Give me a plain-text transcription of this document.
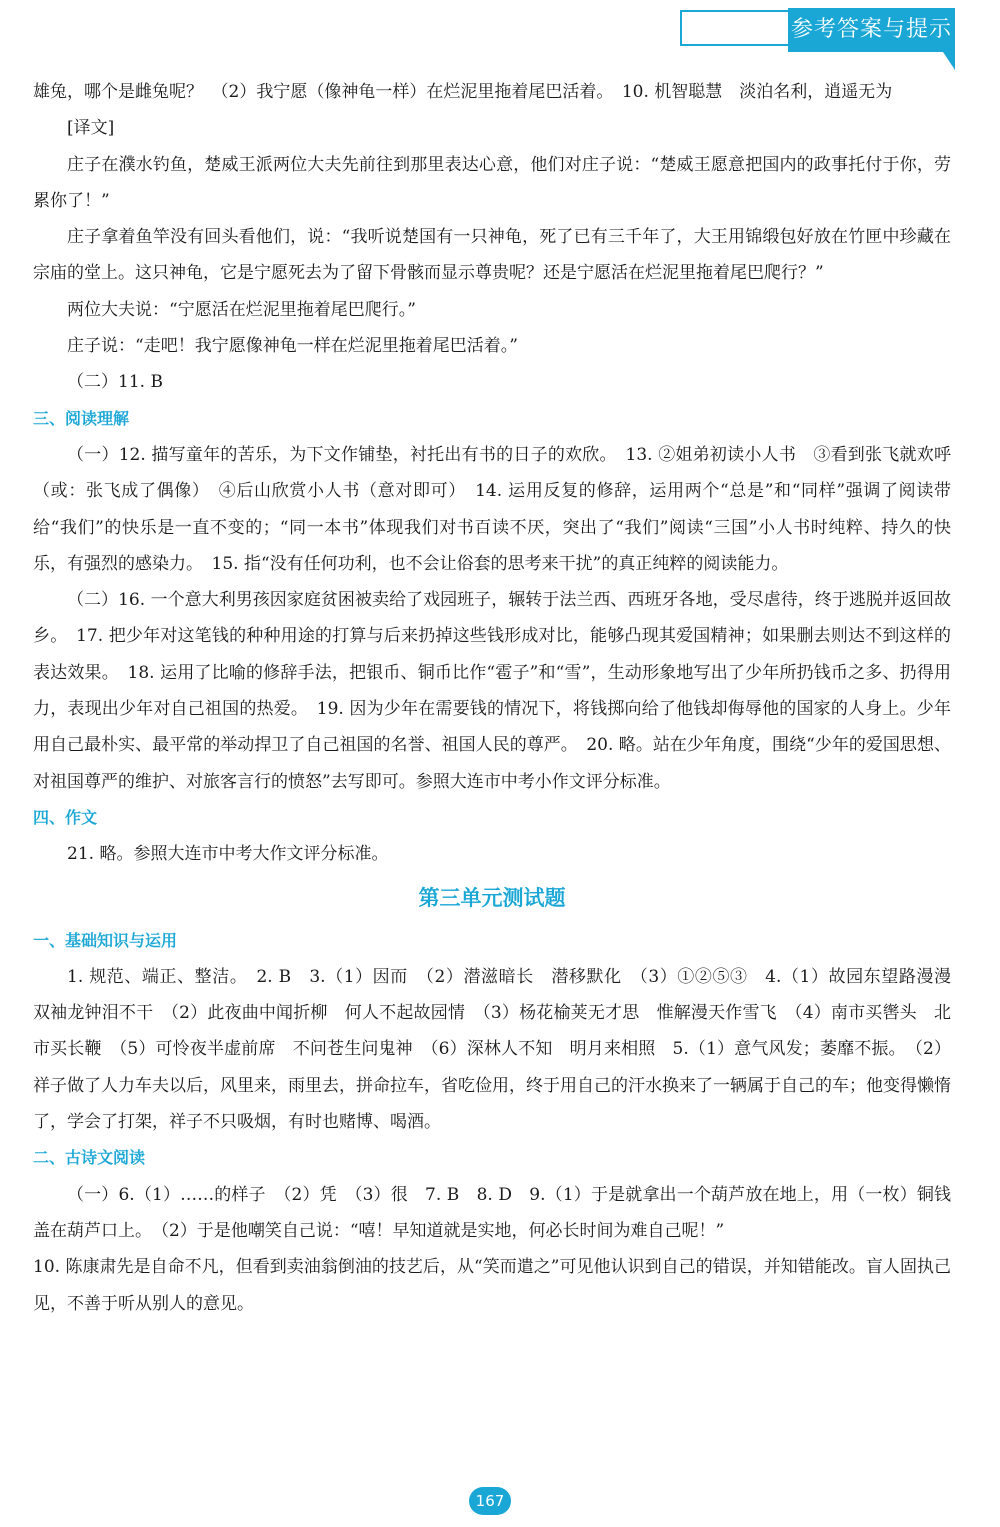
参考答案与提示

雄兔，哪个是雌兔呢？　（2）我宁愿（像神龟一样）在烂泥里拖着尾巴活着。　10. 机智聪慧　淡泊名利，逍遥无为

[译文]

庄子在濮水钓鱼，楚威王派两位大夫先前往到那里表达心意，他们对庄子说：“楚威王愿意把国内的政事托付于你，劳累你了！”

庄子拿着鱼竿没有回头看他们，说：“我听说楚国有一只神龟，死了已有三千年了，大王用锦缎包好放在竹匣中珍藏在宗庙的堂上。这只神龟，它是宁愿死去为了留下骨骸而显示尊贵呢？还是宁愿活在烂泥里拖着尾巴爬行？”

两位大夫说：“宁愿活在烂泥里拖着尾巴爬行。”

庄子说：“走吧！我宁愿像神龟一样在烂泥里拖着尾巴活着。”

（二）11. B

三、阅读理解

（一）12. 描写童年的苦乐，为下文作铺垫，衬托出有书的日子的欢欣。　13. ②姐弟初读小人书　③看到张飞就欢呼（或：张飞成了偶像）　④后山欣赏小人书（意对即可）　14. 运用反复的修辞，运用两个“总是”和“同样”强调了阅读带给“我们”的快乐是一直不变的；“同一本书”体现我们对书百读不厌，突出了“我们”阅读“三国”小人书时纯粹、持久的快乐，有强烈的感染力。　15. 指“没有任何功利，也不会让俗套的思考来干扰”的真正纯粹的阅读能力。

（二）16. 一个意大利男孩因家庭贫困被卖给了戏园班子，辗转于法兰西、西班牙各地，受尽虐待，终于逃脱并返回故乡。　17. 把少年对这笔钱的种种用途的打算与后来扔掉这些钱形成对比，能够凸现其爱国精神；如果删去则达不到这样的表达效果。　18. 运用了比喻的修辞手法，把银币、铜币比作“雹子”和“雪”，生动形象地写出了少年所扔钱币之多、扔得用力，表现出少年对自己祖国的热爱。　19. 因为少年在需要钱的情况下，将钱掷向给了他钱却侮辱他的国家的人身上。少年用自己最朴实、最平常的举动捍卫了自己祖国的名誉、祖国人民的尊严。　20. 略。站在少年角度，围绕“少年的爱国思想、对祖国尊严的维护、对旅客言行的愤怒”去写即可。参照大连市中考小作文评分标准。

四、作文

21. 略。参照大连市中考大作文评分标准。

第三单元测试题

一、基础知识与运用

1. 规范、端正、整洁。　2. B　3.（1）因而　（2）潜滋暗长　潜移默化　（3）①②⑤③　4.（1）故园东望路漫漫　双袖龙钟泪不干　（2）此夜曲中闻折柳　何人不起故园情　（3）杨花榆荚无才思　惟解漫天作雪飞　（4）南市买辔头　北市买长鞭　（5）可怜夜半虚前席　不问苍生问鬼神　（6）深林人不知　明月来相照　5.（1）意气风发；萎靡不振。　（2）祥子做了人力车夫以后，风里来，雨里去，拼命拉车，省吃俭用，终于用自己的汗水换来了一辆属于自己的车；他变得懒惰了，学会了打架，祥子不只吸烟，有时也赌博、喝酒。

二、古诗文阅读

（一）6.（1）……的样子　（2）凭　（3）很　7. B　8. D　9.（1）于是就拿出一个葫芦放在地上，用（一枚）铜钱盖在葫芦口上。　（2）于是他嘲笑自己说：“嘻！早知道就是实地，何必长时间为难自己呢！”

10. 陈康肃先是自命不凡，但看到卖油翁倒油的技艺后，从“笑而遣之”可见他认识到自己的错误，并知错能改。盲人固执己见，不善于听从别人的意见。

167
